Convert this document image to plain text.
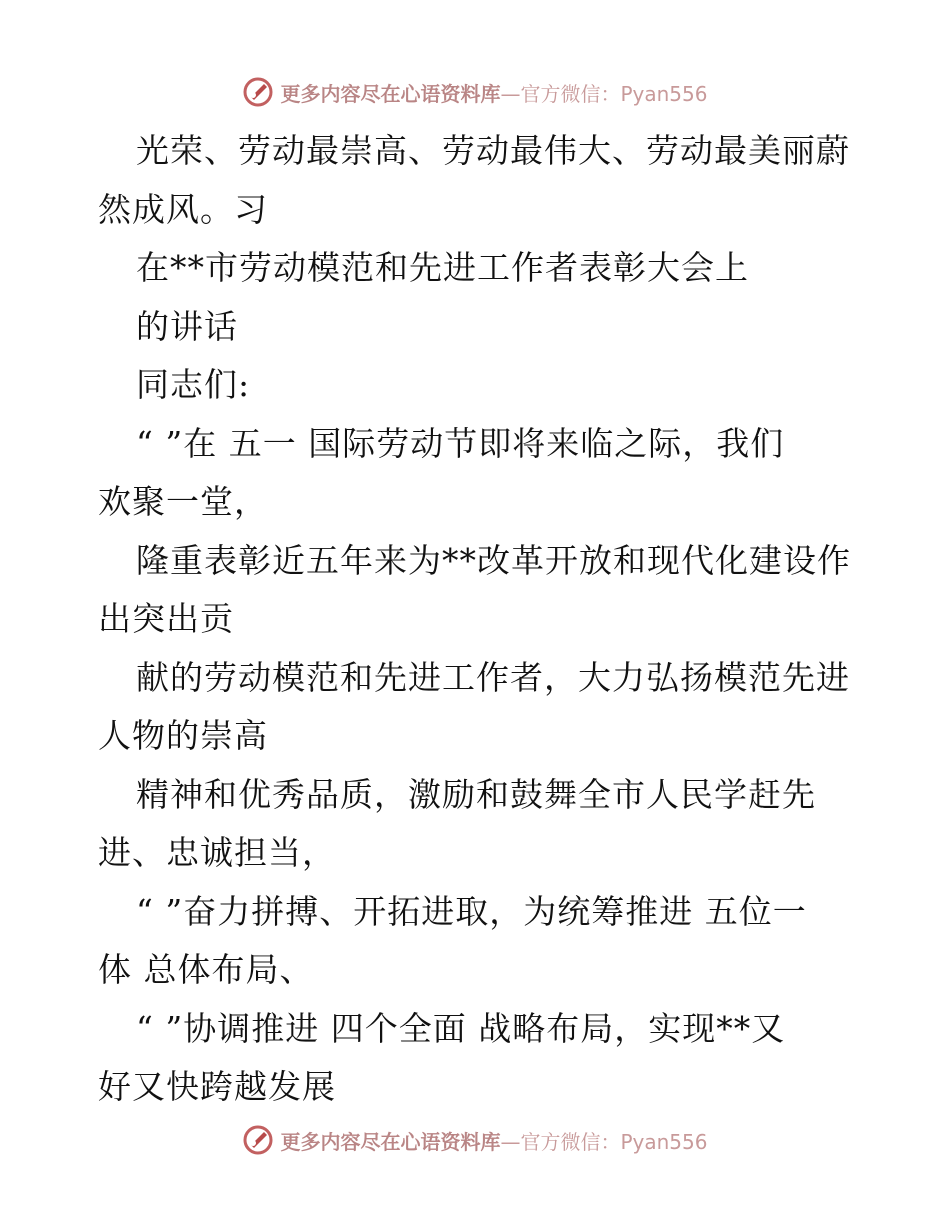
更多内容尽在心语资料库—官方微信：Pyan556
光荣、劳动最崇高、劳动最伟大、劳动最美丽蔚
然成风。习
在**市劳动模范和先进工作者表彰大会上
的讲话
同志们:
“ ”在 五一 国际劳动节即将来临之际，我们
欢聚一堂，
隆重表彰近五年来为**改革开放和现代化建设作
出突出贡
献的劳动模范和先进工作者，大力弘扬模范先进
人物的崇高
精神和优秀品质，激励和鼓舞全市人民学赶先
进、忠诚担当，
“ ”奋力拼搏、开拓进取，为统筹推进 五位一
体 总体布局、
“ ”协调推进 四个全面 战略布局，实现**又
好又快跨越发展
更多内容尽在心语资料库—官方微信：Pyan556
